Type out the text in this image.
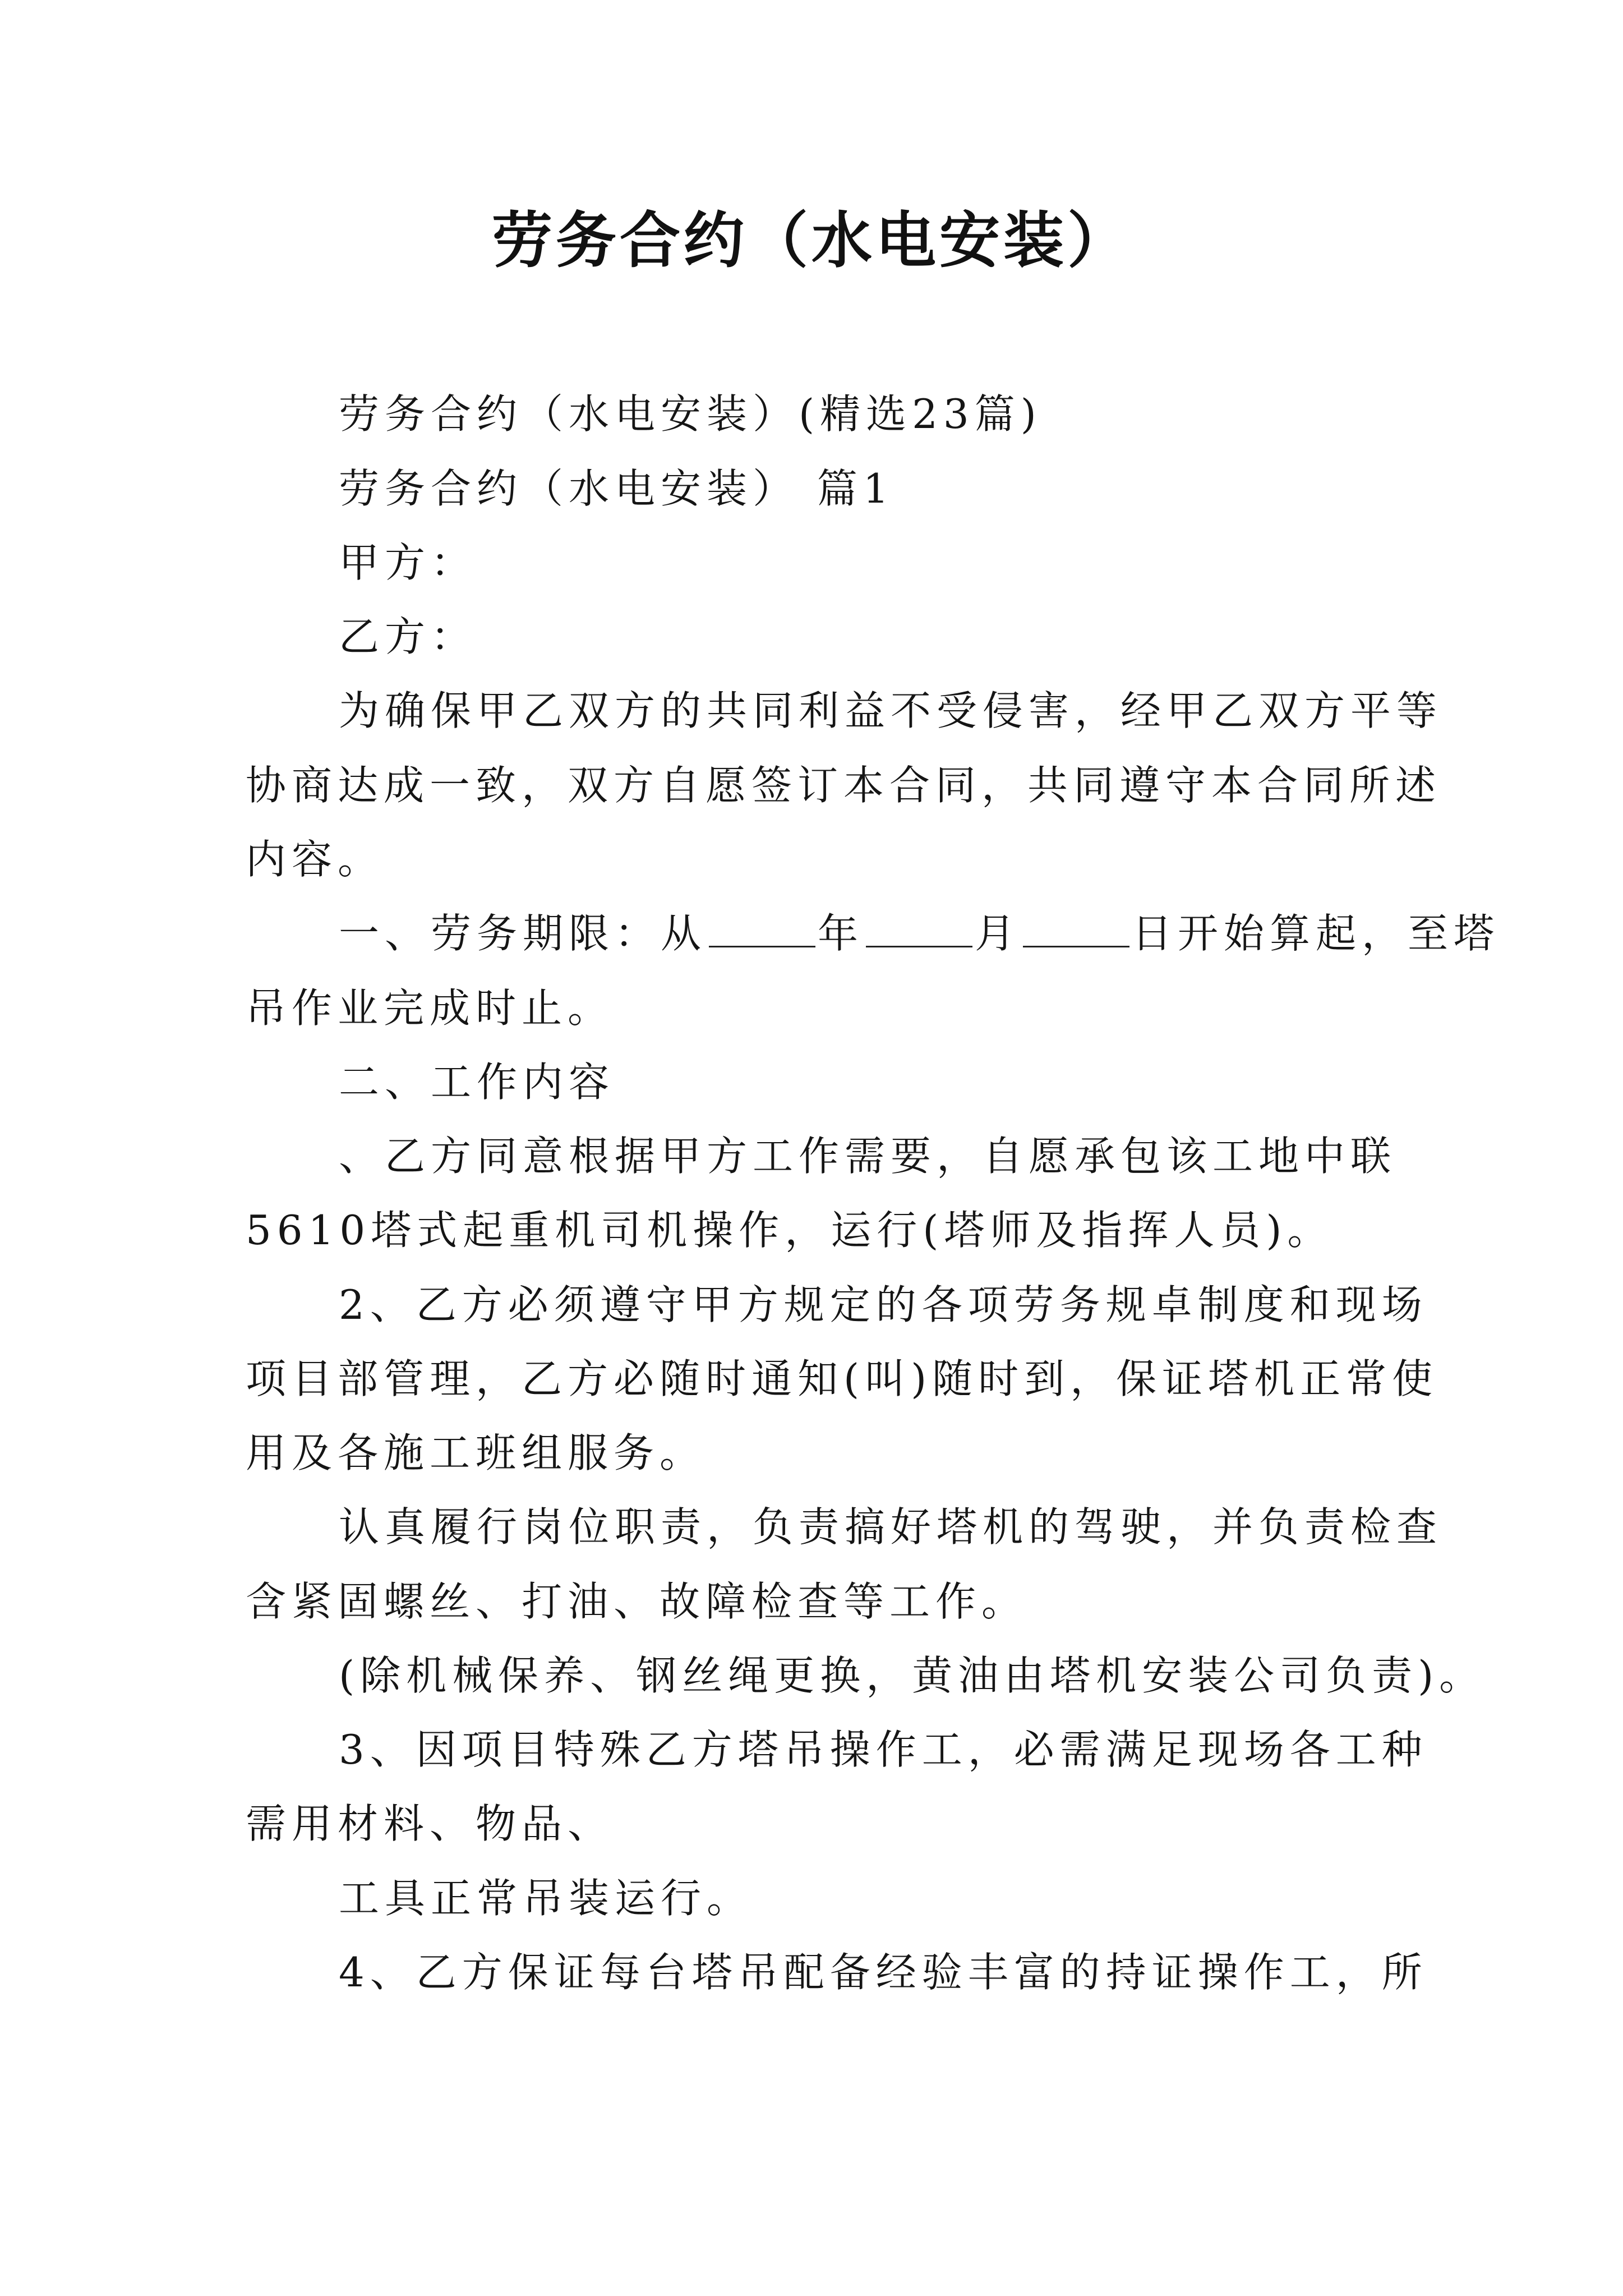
劳务合约（水电安装）
劳务合约（水电安装）(精选23篇)
劳务合约（水电安装） 篇1
甲方：
乙方：
为确保甲乙双方的共同利益不受侵害，经甲乙双方平等
协商达成一致，双方自愿签订本合同，共同遵守本合同所述
内容。
一、劳务期限：从	年	月	日开始算起，至塔
吊作业完成时止。
二、工作内容
、乙方同意根据甲方工作需要，自愿承包该工地中联
5610塔式起重机司机操作，运行(塔师及指挥人员)。
2、乙方必须遵守甲方规定的各项劳务规卓制度和现场
项目部管理，乙方必随时通知(叫)随时到，保证塔机正常使
用及各施工班组服务。
认真履行岗位职责，负责搞好塔机的驾驶，并负责检查
含紧固螺丝、打油、故障检查等工作。
(除机械保养、钢丝绳更换，黄油由塔机安装公司负责)。
3、因项目特殊乙方塔吊操作工，必需满足现场各工种
需用材料、物品、
工具正常吊装运行。
4、乙方保证每台塔吊配备经验丰富的持证操作工，所
